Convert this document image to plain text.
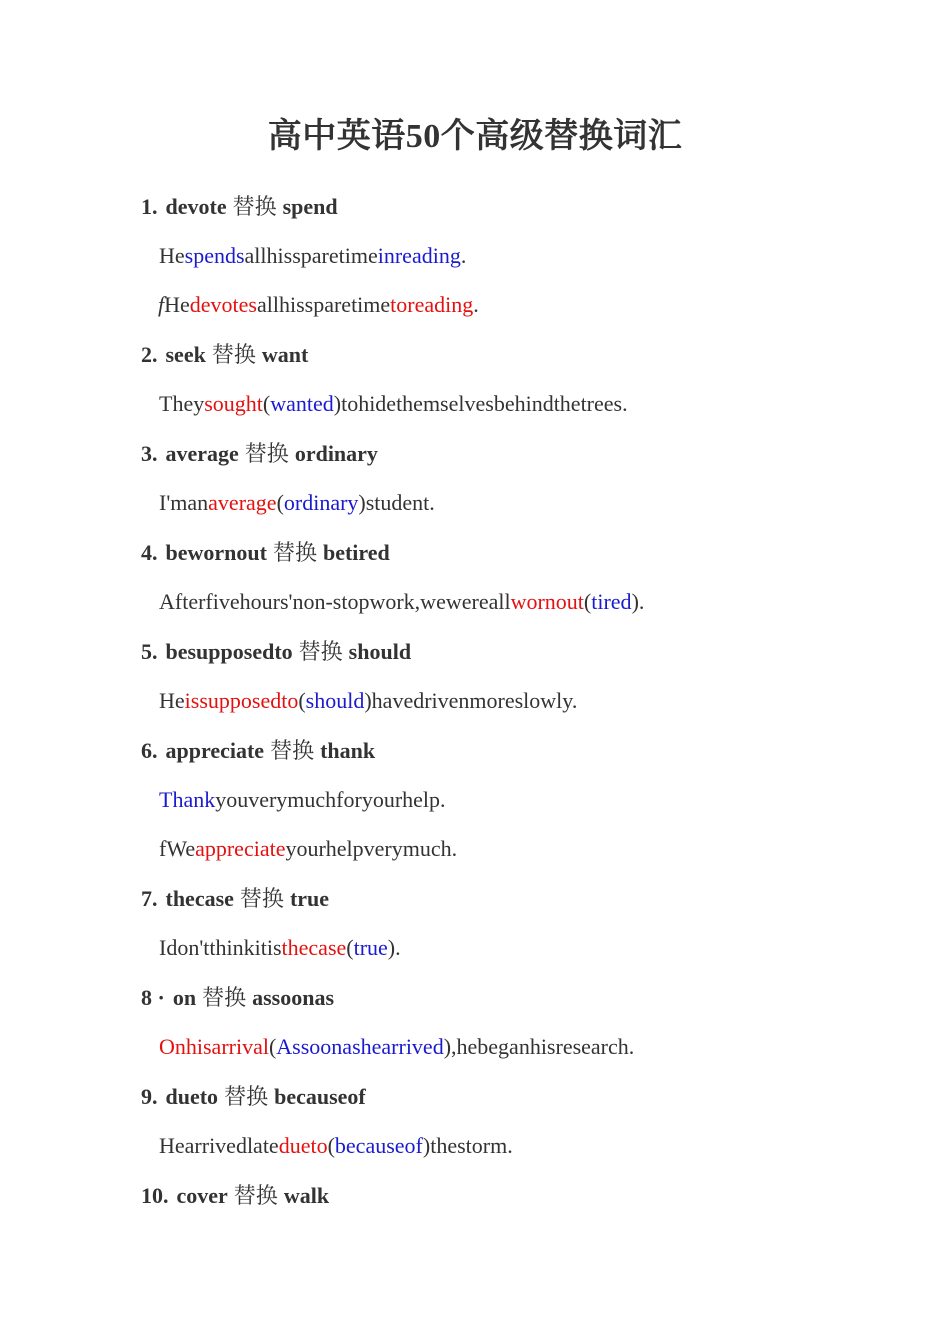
高中英语50个高级替换词汇
1. devote 替换 spend
Hespendsallhissparetimeinreading.
fHedevotesallhissparetimetoreading.
2. seek 替换 want
Theysought(wanted)tohidethemselvesbehindthetrees.
3. average 替换 ordinary
I'manaverage(ordinary)student.
4. bewornout 替换 betired
Afterfivehours'non-stopwork,wewereallwornout(tired).
5. besupposedto 替换 should
Heissupposedto(should)havedrivenmoreslowly.
6. appreciate 替换 thank
Thankyouverymuchforyourhelp.
fWeappreciateyourhelpverymuch.
7. thecase 替换 true
Idon'tthinkitisthecase(true).
8 · on 替换 assoonas
Onhisarrival(Assoonashearrived),hebeganhisresearch.
9. dueto 替换 becauseof
Hearrivedlatedueto(becauseof)thestorm.
10. cover 替换 walk
